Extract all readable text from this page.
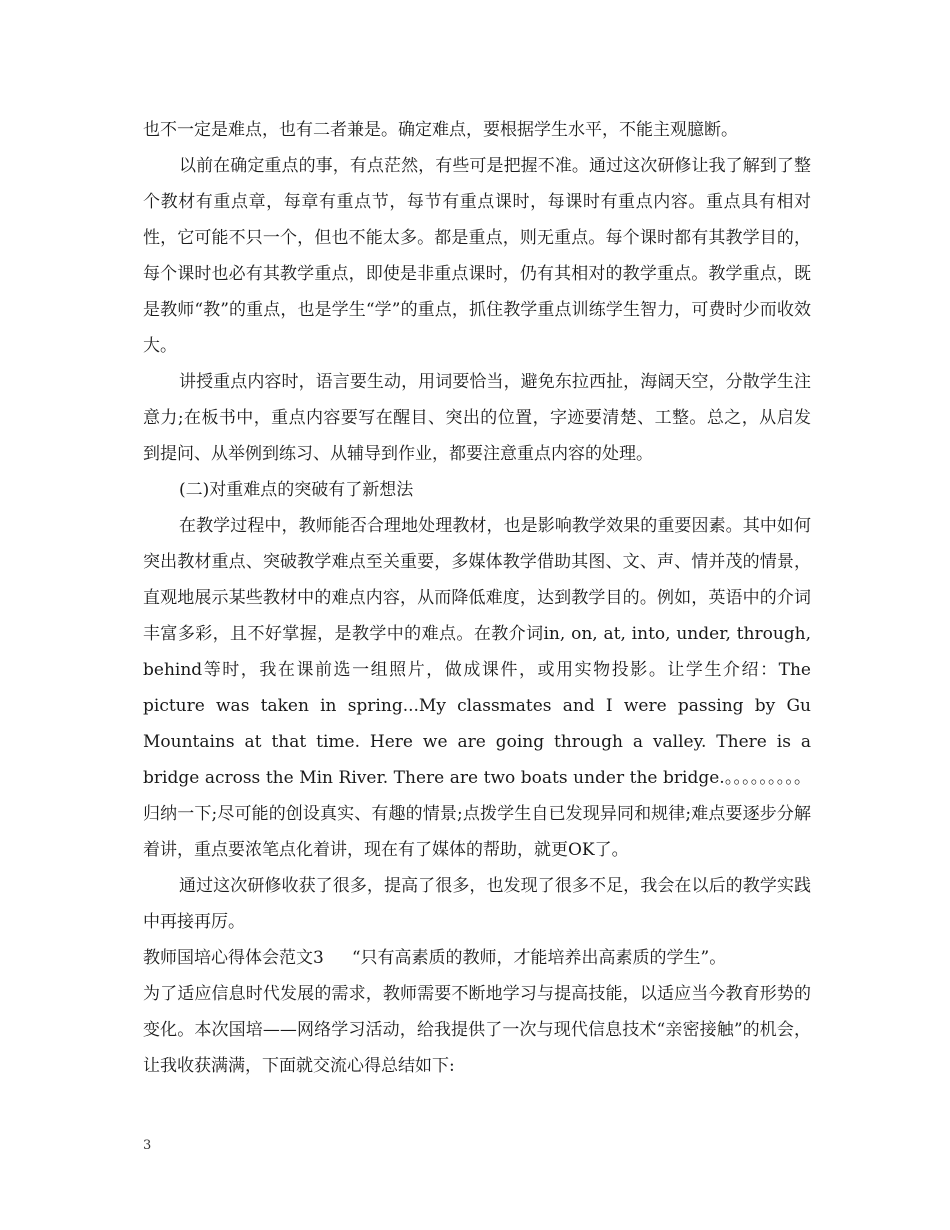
也不一定是难点，也有二者兼是。确定难点，要根据学生水平，不能主观臆断。

以前在确定重点的事，有点茫然，有些可是把握不准。通过这次研修让我了解到了整个教材有重点章，每章有重点节，每节有重点课时，每课时有重点内容。重点具有相对性，它可能不只一个，但也不能太多。都是重点，则无重点。每个课时都有其教学目的，每个课时也必有其教学重点，即使是非重点课时，仍有其相对的教学重点。教学重点，既是教师“教”的重点，也是学生“学”的重点，抓住教学重点训练学生智力，可费时少而收效大。

讲授重点内容时，语言要生动，用词要恰当，避免东拉西扯，海阔天空，分散学生注意力;在板书中，重点内容要写在醒目、突出的位置，字迹要清楚、工整。总之，从启发到提问、从举例到练习、从辅导到作业，都要注意重点内容的处理。

(二)对重难点的突破有了新想法

在教学过程中，教师能否合理地处理教材，也是影响教学效果的重要因素。其中如何突出教材重点、突破教学难点至关重要，多媒体教学借助其图、文、声、情并茂的情景，直观地展示某些教材中的难点内容，从而降低难度，达到教学目的。例如，英语中的介词丰富多彩，且不好掌握，是教学中的难点。在教介词in, on, at, into, under, through, behind等时，我在课前选一组照片，做成课件，或用实物投影。让学生介绍：The picture was taken in spring...My classmates and I were passing by Gu Mountains at that time. Here we are going through a valley. There is a bridge across the Min River. There are two boats under the bridge.。。。。。。。。。归纳一下;尽可能的创设真实、有趣的情景;点拨学生自已发现异同和规律;难点要逐步分解着讲，重点要浓笔点化着讲，现在有了媒体的帮助，就更OK了。

通过这次研修收获了很多，提高了很多，也发现了很多不足，我会在以后的教学实践中再接再厉。

教师国培心得体会范文3 “只有高素质的教师，才能培养出高素质的学生”。

为了适应信息时代发展的需求，教师需要不断地学习与提高技能，以适应当今教育形势的变化。本次国培——网络学习活动，给我提供了一次与现代信息技术“亲密接触”的机会，让我收获满满，下面就交流心得总结如下:

3
